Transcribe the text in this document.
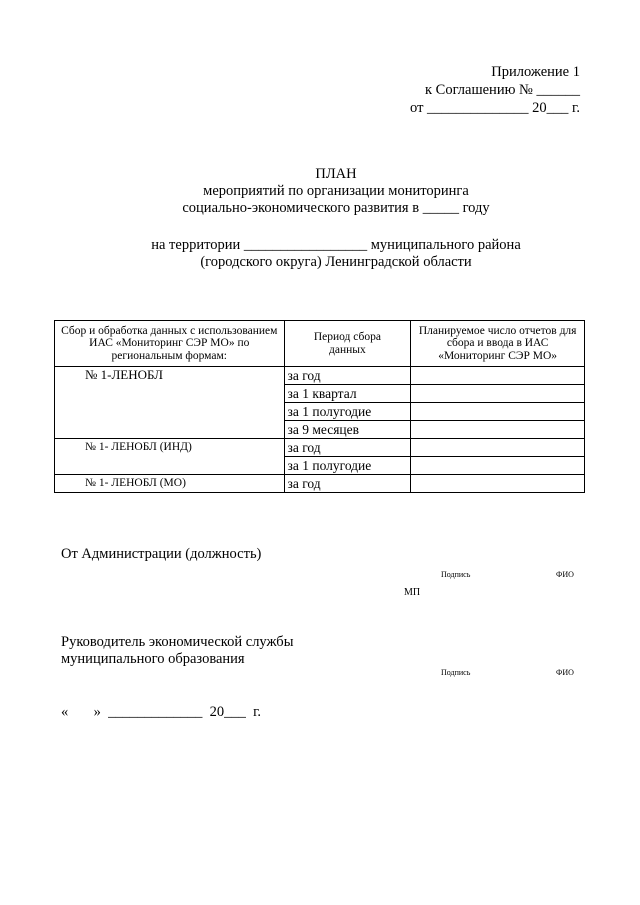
Приложение 1
к Соглашению № ______
от ______________ 20___ г.
ПЛАН
мероприятий по организации мониторинга
социально-экономического развития в _____ году
на территории _________________ муниципального района
(городского округа) Ленинградской области
Сбор и обработка данных с использованием ИАС «Мониторинг СЭР МО» по региональным формам:	Период сбора данных	Планируемое число отчетов для сбора и ввода в ИАС «Мониторинг СЭР МО»
№ 1-ЛЕНОБЛ	за год	
	за 1 квартал	
	за 1 полугодие	
	за 9 месяцев	
№ 1- ЛЕНОБЛ (ИНД)	за год	
	за 1 полугодие	
№ 1- ЛЕНОБЛ (МО)	за год	
От Администрации (должность)
Подпись	ФИО
МП
Руководитель экономической службы
муниципального образования
Подпись	ФИО
«       »  _____________  20___  г.
